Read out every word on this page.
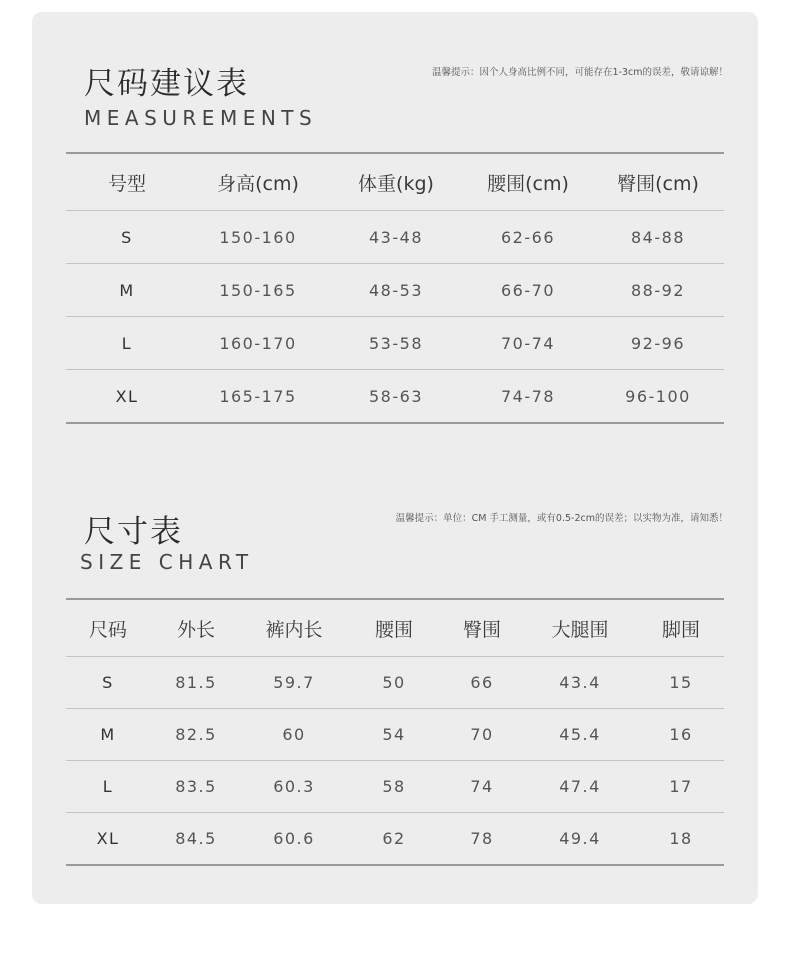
尺码建议表
MEASUREMENTS
温馨提示：因个人身高比例不同，可能存在1-3cm的误差，敬请谅解！
号型	身高(cm)	体重(kg)	腰围(cm)	臀围(cm)
S	150-160	43-48	62-66	84-88
M	150-165	48-53	66-70	88-92
L	160-170	53-58	70-74	92-96
XL	165-175	58-63	74-78	96-100
尺寸表
SIZE CHART
温馨提示：单位：CM 手工测量，或有0.5-2cm的误差；以实物为准，请知悉！
尺码	外长	裤内长	腰围	臀围	大腿围	脚围
S	81.5	59.7	50	66	43.4	15
M	82.5	60	54	70	45.4	16
L	83.5	60.3	58	74	47.4	17
XL	84.5	60.6	62	78	49.4	18
